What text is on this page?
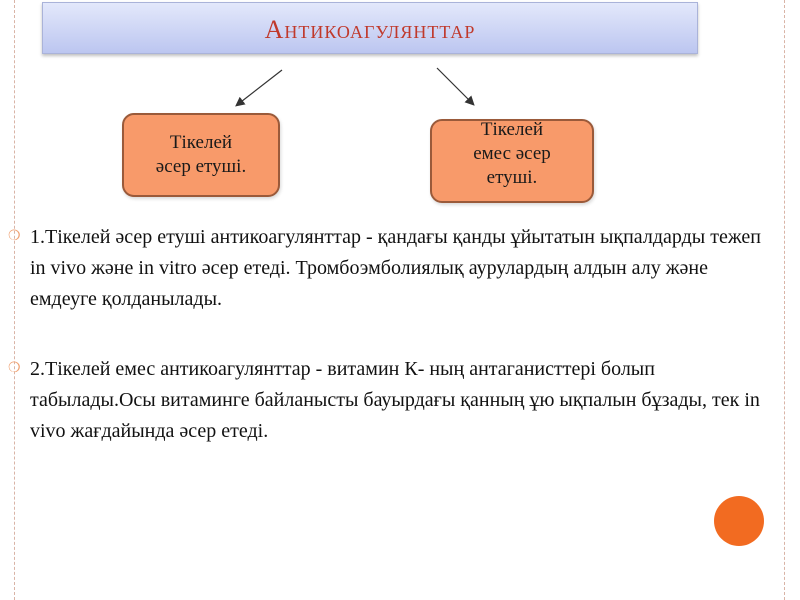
Антикоагулянттар
Тікелей
әсер етуші.
Тікелей
емес әсер
етуші.
❍ 1.Тікелей әсер етуші антикоагулянттар - қандағы қанды ұйытатын ықпалдарды тежеп in vivo және in vitro әсер етеді. Тромбоэмболиялық аурулардың алдын алу және емдеуге қолданылады.
❍ 2.Тікелей емес антикоагулянттар - витамин К- ның антаганисттері болып табылады.Осы витаминге байланысты бауырдағы қанның ұю ықпалын бұзады, тек in vivo жағдайында әсер етеді.
